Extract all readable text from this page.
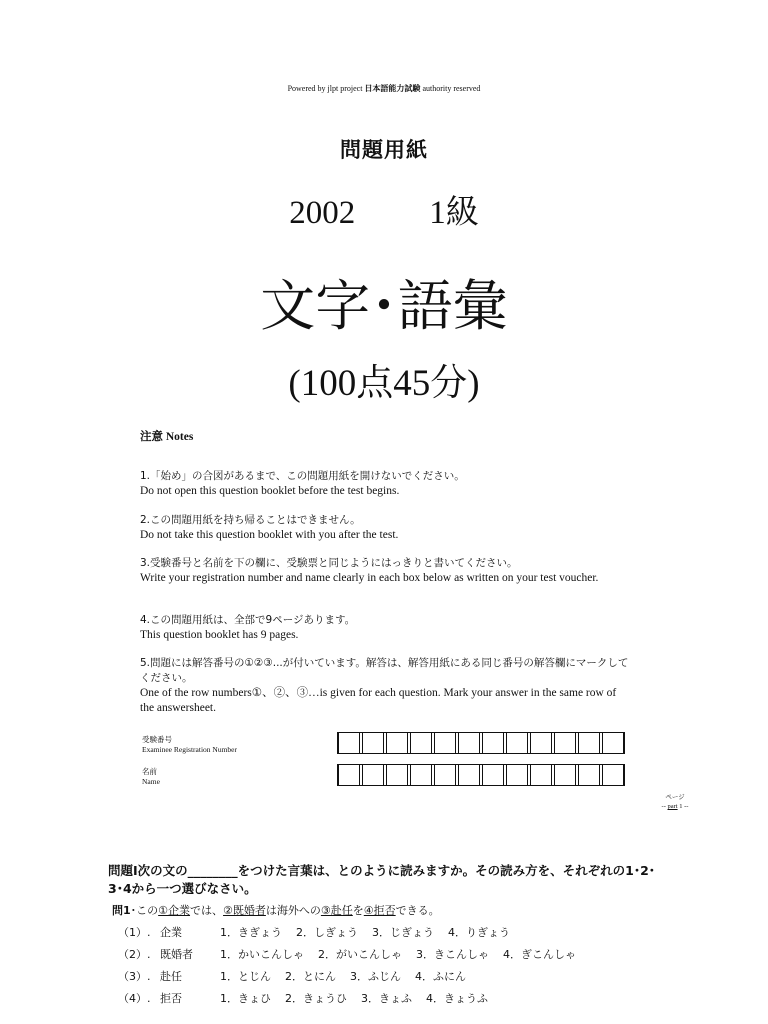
Powered by jlpt project 日本語能力試験 authority reserved
問題用紙
2002 1級
文字･語彙
(100点45分)
注意 Notes
1.「始め」の合図があるまで、この問題用紙を開けないでください。
Do not open this question booklet before the test begins.
2.この問題用紙を持ち帰ることはできません。
Do not take this question booklet with you after the test.
3.受験番号と名前を下の欄に、受験票と同じようにはっきりと書いてください。
Write your registration number and name clearly in each box below as written on your test voucher.
4.この問題用紙は、全部で9ページあります。
This question booklet has 9 pages.
5.問題には解答番号の①②③...が付いています。解答は、解答用紙にある同じ番号の解答欄にマークしてください。
One of the row numbers①、②、③…is given for each question. Mark your answer in the same row of the answersheet.
受験番号
Examinee Registration Number
名前
Name
ページ
-- part 1 --
問題Ⅰ次の文の________をつけた言葉は、とのように読みますか。その読み方を、それぞれの1･2･3･4から一つ選びなさい。
問1･この①企業では、②既婚者は海外への③赴任を④拒否できる。
（1）. 企業	1．きぎょう 2．しぎょう 3．じぎょう 4．りぎょう
（2）. 既婚者 1．かいこんしゃ 2．がいこんしゃ 3．きこんしゃ 4．ぎこんしゃ
（3）. 赴任	1．とじん 2．とにん 3．ふじん 4．ふにん
（4）. 拒否	1．きょひ 2．きょうひ 3．きょふ 4．きょうふ
